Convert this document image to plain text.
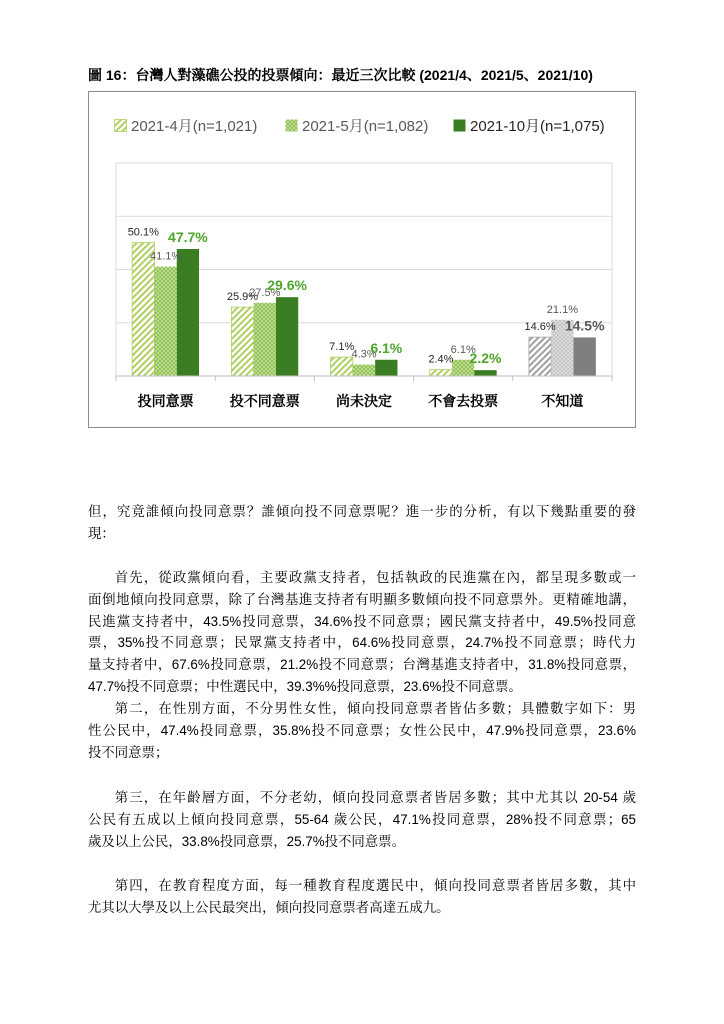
圖 16：台灣人對藻礁公投的投票傾向：最近三次比較 (2021/4、2021/5、2021/10)
2021-4月(n=1,021)	2021-5月(n=1,082)	2021-10月(n=1,075)
50.1%
25.9%
7.1%
2.4%
14.6%
41.1%
27.5%
4.3%	6.1%
21.1%
47.7%
29.6%
6.1%
2.2%
14.5%
投同意票	投不同意票	尚未決定	不會去投票	不知道
但，究竟誰傾向投同意票？誰傾向投不同意票呢？進一步的分析，有以下幾點重要的發
現：
首先，從政黨傾向看，主要政黨支持者，包括執政的民進黨在內，都呈現多數或一
面倒地傾向投同意票，除了台灣基進支持者有明顯多數傾向投不同意票外。更精確地講，
民進黨支持者中，43.5%投同意票，34.6%投不同意票；國民黨支持者中，49.5%投同意
票，35%投不同意票；民眾黨支持者中，64.6%投同意票，24.7%投不同意票；時代力
量支持者中，67.6%投同意票，21.2%投不同意票；台灣基進支持者中，31.8%投同意票，
47.7%投不同意票；中性選民中，39.3%%投同意票，23.6%投不同意票。
第二，在性別方面，不分男性女性，傾向投同意票者皆佔多數；具體數字如下：男
性公民中，47.4%投同意票，35.8%投不同意票；女性公民中，47.9%投同意票，23.6%
投不同意票；
第三，在年齡層方面，不分老幼，傾向投同意票者皆居多數；其中尤其以 20-54 歲
公民有五成以上傾向投同意票，55-64 歲公民，47.1%投同意票，28%投不同意票；65
歲及以上公民，33.8%投同意票，25.7%投不同意票。
第四，在教育程度方面，每一種教育程度選民中，傾向投同意票者皆居多數，其中
尤其以大學及以上公民最突出，傾向投同意票者高達五成九。
